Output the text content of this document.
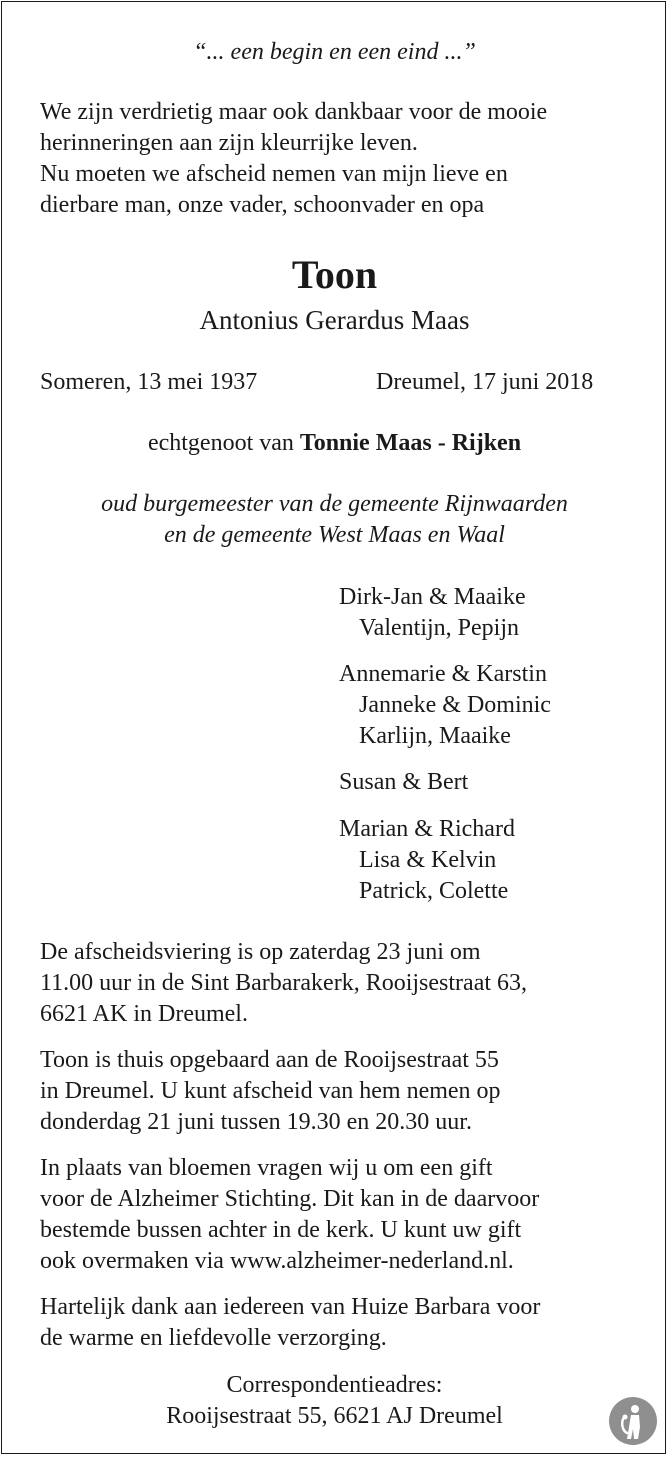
“... een begin en een eind ...”
We zijn verdrietig maar ook dankbaar voor de mooie
herinneringen aan zijn kleurrijke leven.
Nu moeten we afscheid nemen van mijn lieve en
dierbare man, onze vader, schoonvader en opa
Toon
Antonius Gerardus Maas
Someren, 13 mei 1937	Dreumel, 17 juni 2018
echtgenoot van Tonnie Maas - Rijken
oud burgemeester van de gemeente Rijnwaarden
en de gemeente West Maas en Waal
Dirk-Jan & Maaike
Valentijn, Pepijn
Annemarie & Karstin
Janneke & Dominic
Karlijn, Maaike
Susan & Bert
Marian & Richard
Lisa & Kelvin
Patrick, Colette
De afscheidsviering is op zaterdag 23 juni om
11.00 uur in de Sint Barbarakerk, Rooijsestraat 63,
6621 AK in Dreumel.
Toon is thuis opgebaard aan de Rooijsestraat 55
in Dreumel. U kunt afscheid van hem nemen op
donderdag 21 juni tussen 19.30 en 20.30 uur.
In plaats van bloemen vragen wij u om een gift
voor de Alzheimer Stichting. Dit kan in de daarvoor
bestemde bussen achter in de kerk. U kunt uw gift
ook overmaken via www.alzheimer-nederland.nl.
Hartelijk dank aan iedereen van Huize Barbara voor
de warme en liefdevolle verzorging.
Correspondentieadres:
Rooijsestraat 55, 6621 AJ Dreumel
